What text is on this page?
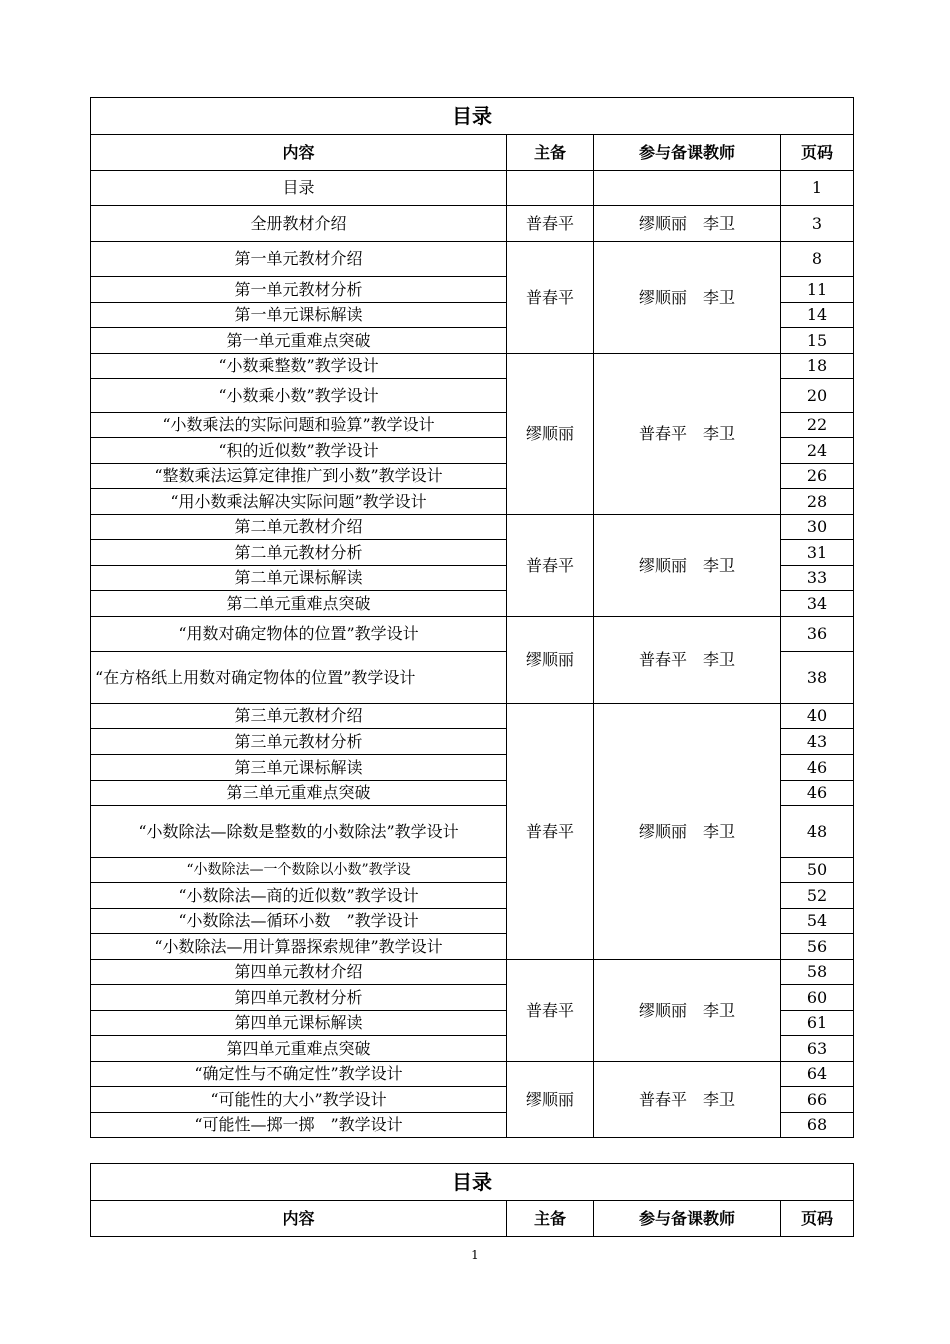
目录			
内容	主备	参与备课教师	页码
目录			1
全册教材介绍	普春平	缪顺丽　李卫	3
第一单元教材介绍	普春平	缪顺丽　李卫	8
第一单元教材分析			11
第一单元课标解读			14
第一单元重难点突破			15
“小数乘整数”教学设计	缪顺丽	普春平　李卫	18
“小数乘小数”教学设计			20
“小数乘法的实际问题和验算”教学设计			22
“积的近似数”教学设计			24
“整数乘法运算定律推广到小数”教学设计			26
“用小数乘法解决实际问题”教学设计			28
第二单元教材介绍	普春平	缪顺丽　李卫	30
第二单元教材分析			31
第二单元课标解读			33
第二单元重难点突破			34
“用数对确定物体的位置”教学设计	缪顺丽	普春平　李卫	36
“在方格纸上用数对确定物体的位置”教学设计			38
第三单元教材介绍	普春平	缪顺丽　李卫	40
第三单元教材分析			43
第三单元课标解读			46
第三单元重难点突破			46
“小数除法—除数是整数的小数除法”教学设计			48
“小数除法—一个数除以小数”教学设			50
“小数除法—商的近似数”教学设计			52
“小数除法—循环小数　”教学设计			54
“小数除法—用计算器探索规律”教学设计			56
第四单元教材介绍	普春平	缪顺丽　李卫	58
第四单元教材分析			60
第四单元课标解读			61
第四单元重难点突破			63
“确定性与不确定性”教学设计	缪顺丽	普春平　李卫	64
“可能性的大小”教学设计			66
“可能性—掷一掷　”教学设计			68
目录
内容	主备	参与备课教师	页码
1
